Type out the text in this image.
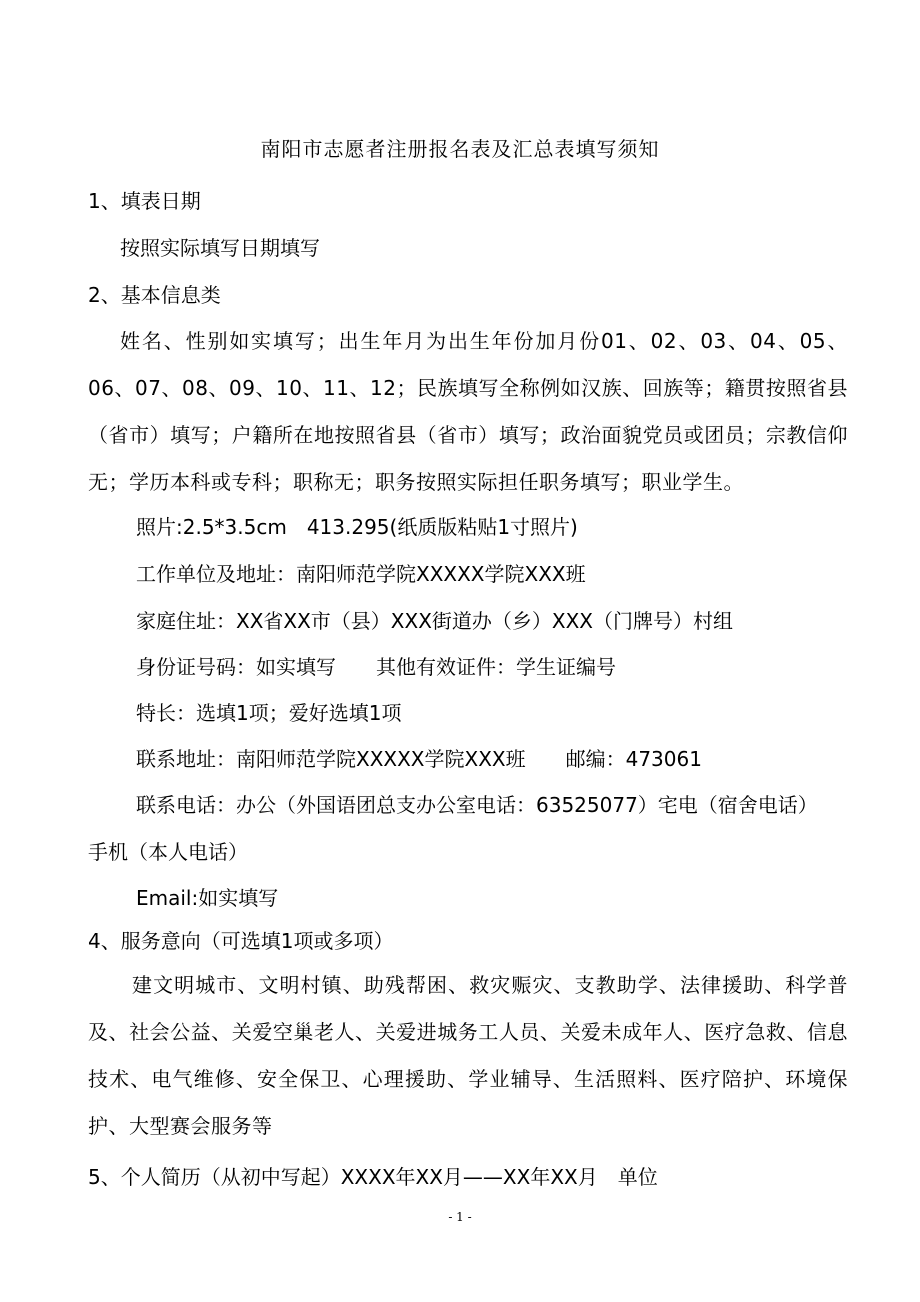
南阳市志愿者注册报名表及汇总表填写须知
1、填表日期
按照实际填写日期填写
2、基本信息类
姓名、性别如实填写；出生年月为出生年份加月份01、02、03、04、05、06、07、08、09、10、11、12；民族填写全称例如汉族、回族等；籍贯按照省县（省市）填写；户籍所在地按照省县（省市）填写；政治面貌党员或团员；宗教信仰无；学历本科或专科；职称无；职务按照实际担任职务填写；职业学生。
照片:2.5*3.5cm　413.295(纸质版粘贴1寸照片)
工作单位及地址：南阳师范学院XXXXX学院XXX班
家庭住址：XX省XX市（县）XXX街道办（乡）XXX（门牌号）村组
身份证号码：如实填写　　其他有效证件：学生证编号
特长：选填1项；爱好选填1项
联系地址：南阳师范学院XXXXX学院XXX班　　邮编：473061
联系电话：办公（外国语团总支办公室电话：63525077）宅电（宿舍电话）
手机（本人电话）
Email:如实填写
4、服务意向（可选填1项或多项）
建文明城市、文明村镇、助残帮困、救灾赈灾、支教助学、法律援助、科学普及、社会公益、关爱空巢老人、关爱进城务工人员、关爱未成年人、医疗急救、信息技术、电气维修、安全保卫、心理援助、学业辅导、生活照料、医疗陪护、环境保护、大型赛会服务等
5、个人简历（从初中写起）XXXX年XX月——XX年XX月　单位
- 1 -
